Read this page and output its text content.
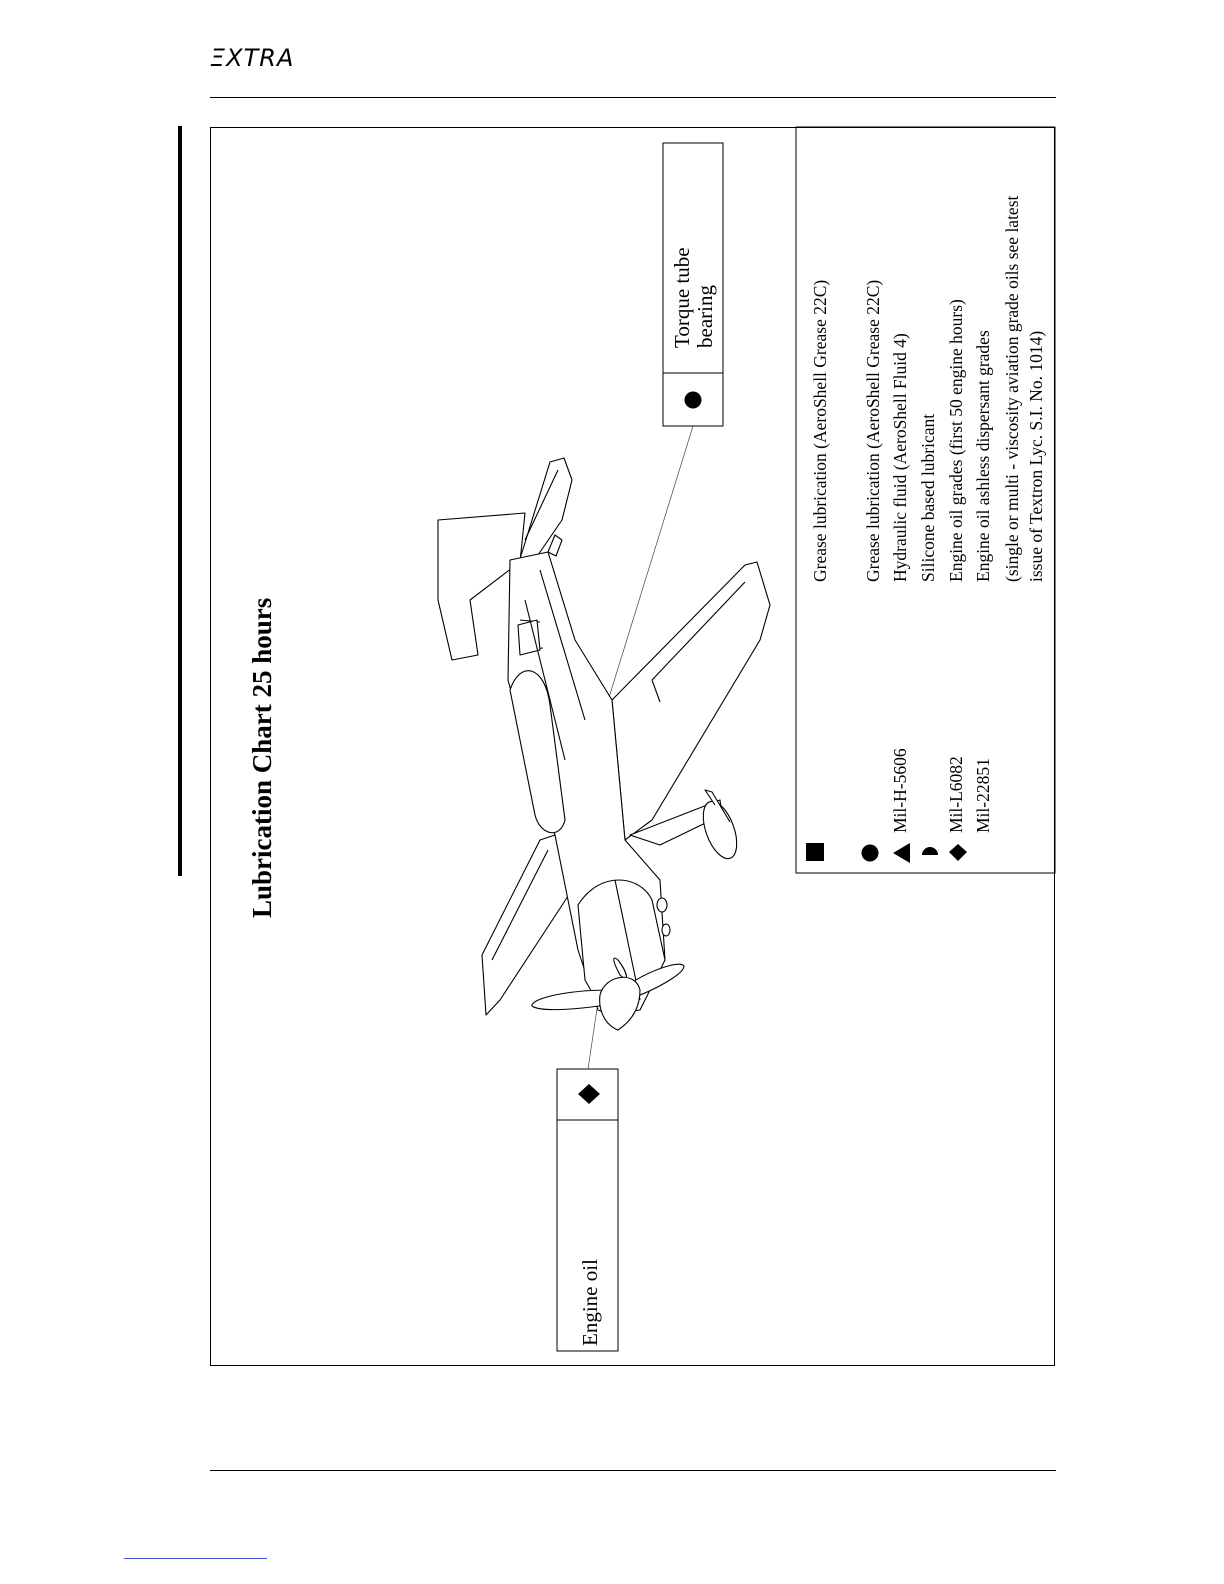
ΞXTRA
Lubrication Chart 25 hours	Mil-H-5606 Mil-L6082 Mil-22851
Grease lubrication (AeroShell Grease 22C) Grease lubrication (AeroShell Grease 22C) Hydraulic fluid (AeroShell Fluid 4) Silicone based lubricant Engine oil grades (first 50 engine hours) Engine oil ashless dispersant grades (single or multi - viscosity aviation grade oils see latest issue of Textron Lyc. S.I. No. 1014)
Torque tube bearing
Engine oil
